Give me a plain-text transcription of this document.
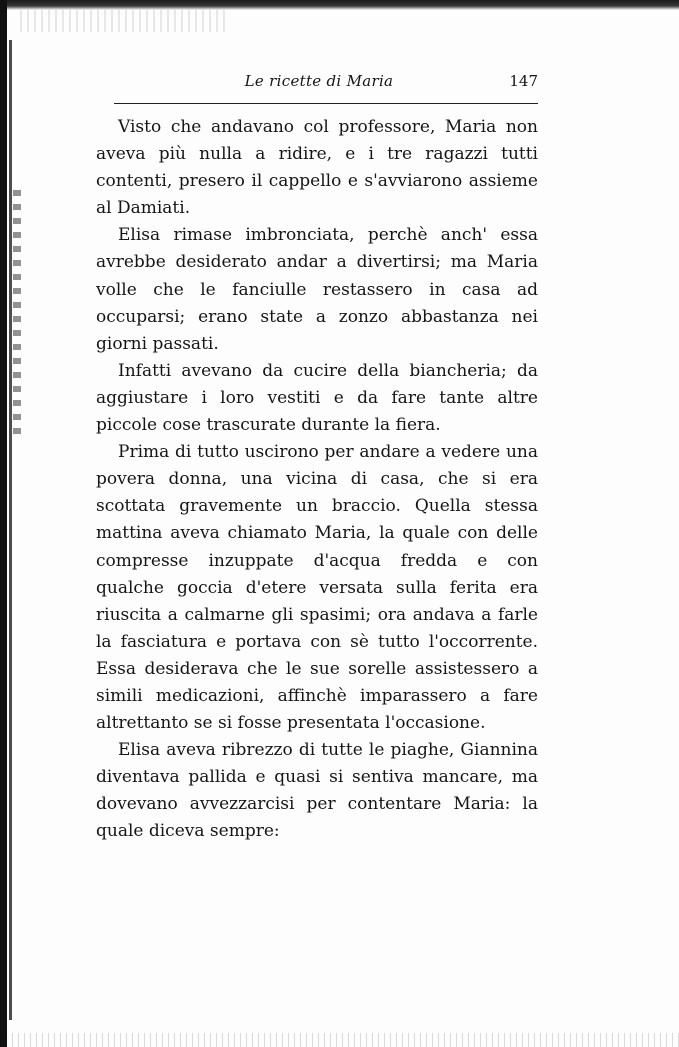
Le ricette di Maria	147

Visto che andavano col professore, Maria non aveva più nulla a ridire, e i tre ragazzi tutti contenti, presero il cappello e s'avviarono assieme al Damiati.

Elisa rimase imbronciata, perchè anch' essa avrebbe desiderato andar a divertirsi; ma Maria volle che le fanciulle restassero in casa ad occuparsi; erano state a zonzo abbastanza nei giorni passati.

Infatti avevano da cucire della biancheria; da aggiustare i loro vestiti e da fare tante altre piccole cose trascurate durante la fiera.

Prima di tutto uscirono per andare a vedere una povera donna, una vicina di casa, che si era scottata gravemente un braccio. Quella stessa mattina aveva chiamato Maria, la quale con delle compresse inzuppate d'acqua fredda e con qualche goccia d'etere versata sulla ferita era riuscita a calmarne gli spasimi; ora andava a farle la fasciatura e portava con sè tutto l'occorrente. Essa desiderava che le sue sorelle assistessero a simili medicazioni, affinchè imparassero a fare altrettanto se si fosse presentata l'occasione.

Elisa aveva ribrezzo di tutte le piaghe, Giannina diventava pallida e quasi si sentiva mancare, ma dovevano avvezzarcisi per contentare Maria: la quale diceva sempre:
